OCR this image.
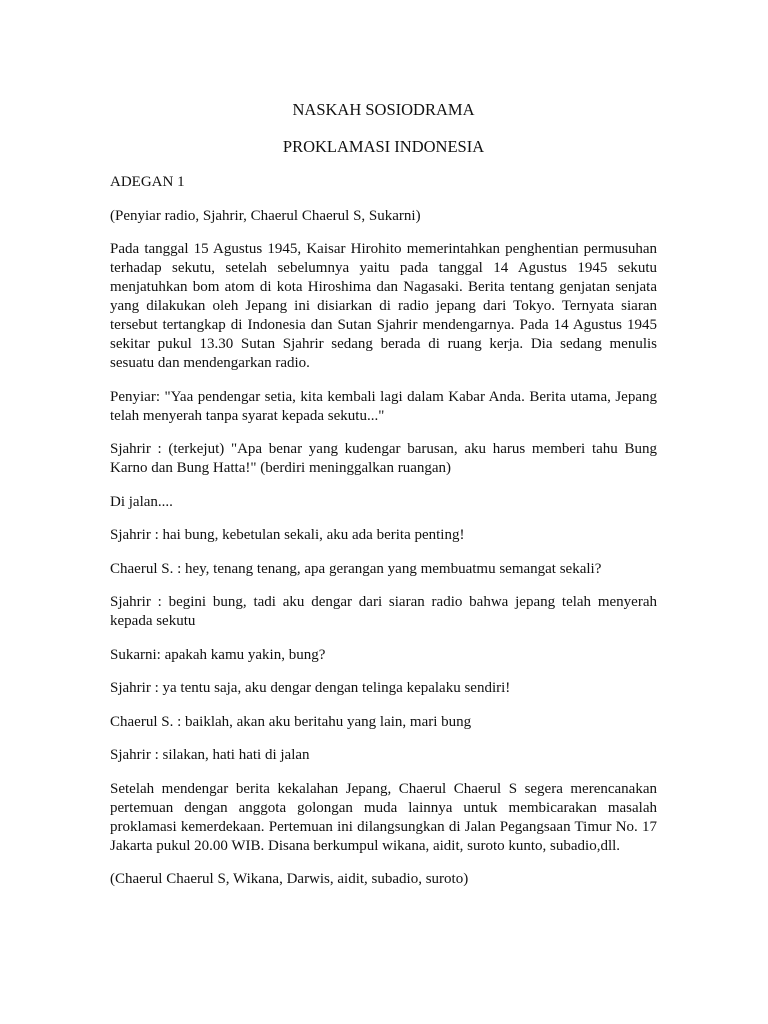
NASKAH SOSIODRAMA

PROKLAMASI INDONESIA

ADEGAN 1

(Penyiar radio, Sjahrir, Chaerul Chaerul S, Sukarni)

Pada tanggal 15 Agustus 1945, Kaisar Hirohito memerintahkan penghentian permusuhan terhadap sekutu, setelah sebelumnya yaitu pada tanggal 14 Agustus 1945 sekutu menjatuhkan bom atom di kota Hiroshima dan Nagasaki. Berita tentang genjatan senjata yang dilakukan oleh Jepang ini disiarkan di radio jepang dari Tokyo. Ternyata siaran tersebut tertangkap di Indonesia dan Sutan Sjahrir mendengarnya. Pada 14 Agustus 1945 sekitar pukul 13.30 Sutan Sjahrir sedang berada di ruang kerja. Dia sedang menulis sesuatu dan mendengarkan radio.

Penyiar: "Yaa pendengar setia, kita kembali lagi dalam Kabar Anda. Berita utama, Jepang telah menyerah tanpa syarat kepada sekutu..."

Sjahrir : (terkejut) "Apa benar yang kudengar barusan, aku harus memberi tahu Bung Karno dan Bung Hatta!" (berdiri meninggalkan ruangan)

Di jalan....

Sjahrir : hai bung, kebetulan sekali, aku ada berita penting!

Chaerul S. : hey, tenang tenang, apa gerangan yang membuatmu semangat sekali?

Sjahrir : begini bung, tadi aku dengar dari siaran radio bahwa jepang telah menyerah kepada sekutu

Sukarni: apakah kamu yakin, bung?

Sjahrir : ya tentu saja, aku dengar dengan telinga kepalaku sendiri!

Chaerul S. : baiklah, akan aku beritahu yang lain, mari bung

Sjahrir : silakan, hati hati di jalan

Setelah mendengar berita kekalahan Jepang, Chaerul Chaerul S segera merencanakan pertemuan dengan anggota golongan muda lainnya untuk membicarakan masalah proklamasi kemerdekaan. Pertemuan ini dilangsungkan di Jalan Pegangsaan Timur No. 17 Jakarta pukul 20.00 WIB. Disana berkumpul wikana, aidit, suroto kunto, subadio,dll.

(Chaerul Chaerul S, Wikana, Darwis, aidit, subadio, suroto)
